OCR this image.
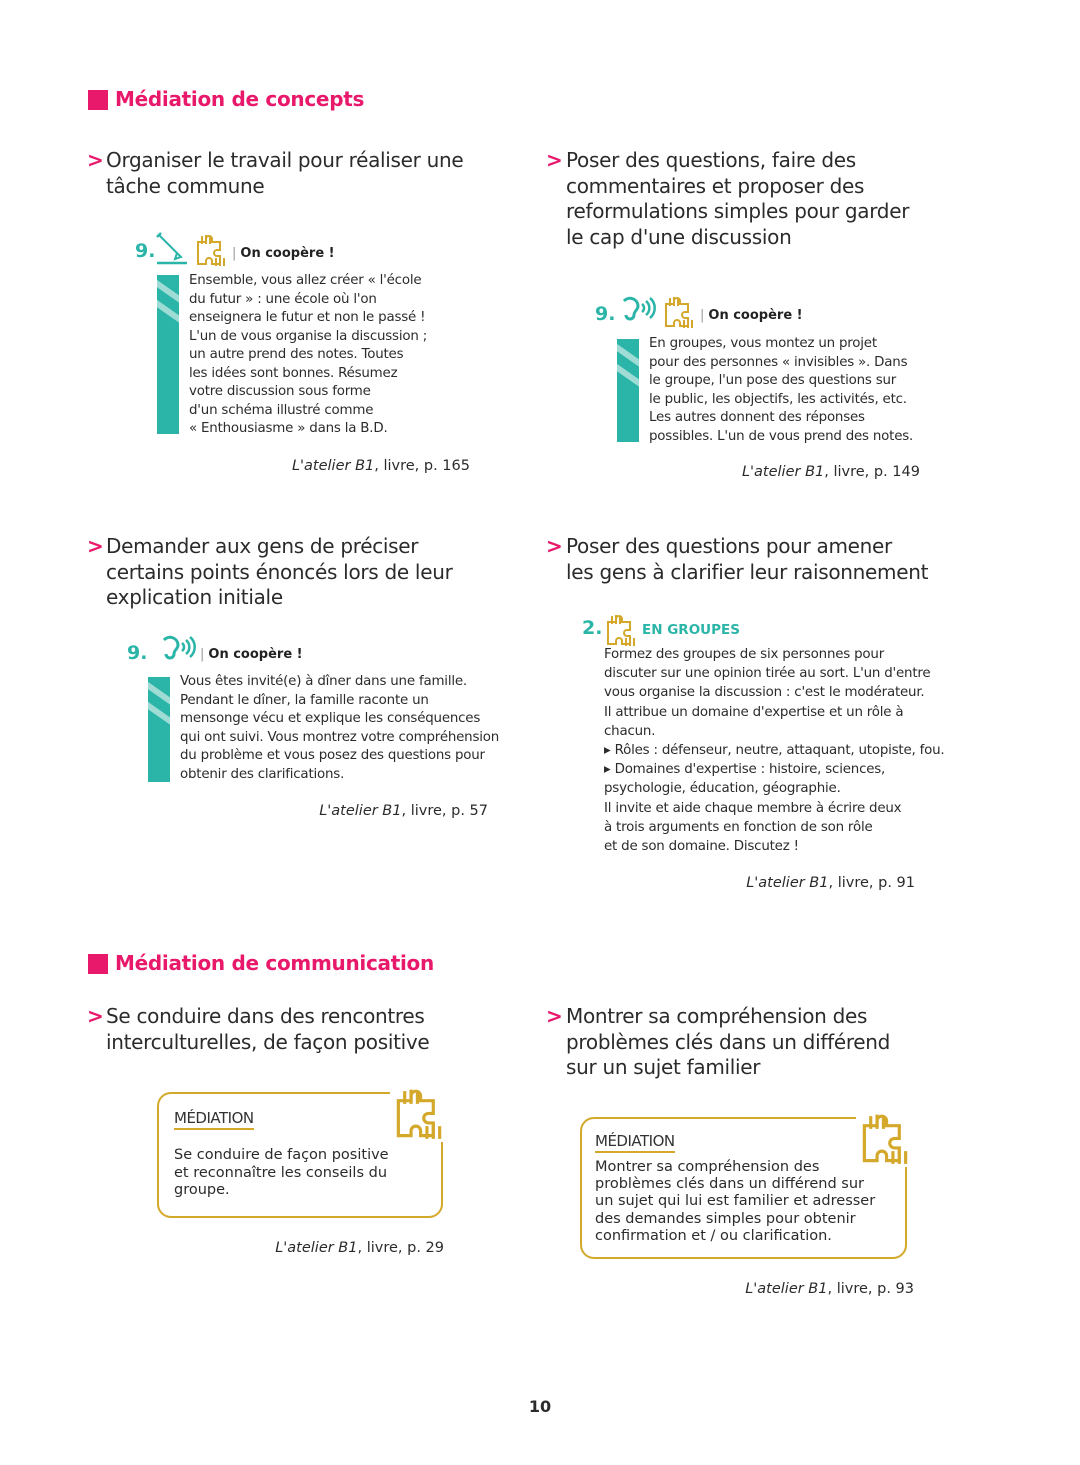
Médiation de concepts
> Organiser le travail pour réaliser une
tâche commune
9.	| On coopère !
Ensemble, vous allez créer « l'école
du futur » : une école où l'on
enseignera le futur et non le passé !
L'un de vous organise la discussion ;
un autre prend des notes. Toutes
les idées sont bonnes. Résumez
votre discussion sous forme
d'un schéma illustré comme
« Enthousiasme » dans la B.D.
L'atelier B1, livre, p. 165
> Poser des questions, faire des
commentaires et proposer des
reformulations simples pour garder
le cap d'une discussion
9.	| On coopère !
En groupes, vous montez un projet
pour des personnes « invisibles ». Dans
le groupe, l'un pose des questions sur
le public, les objectifs, les activités, etc.
Les autres donnent des réponses
possibles. L'un de vous prend des notes.
L'atelier B1, livre, p. 149
> Demander aux gens de préciser
certains points énoncés lors de leur
explication initiale
9.	| On coopère !
Vous êtes invité(e) à dîner dans une famille.
Pendant le dîner, la famille raconte un
mensonge vécu et explique les conséquences
qui ont suivi. Vous montrez votre compréhension
du problème et vous posez des questions pour
obtenir des clarifications.
L'atelier B1, livre, p. 57
> Poser des questions pour amener
les gens à clarifier leur raisonnement
2.	EN GROUPES
Formez des groupes de six personnes pour
discuter sur une opinion tirée au sort. L'un d'entre
vous organise la discussion : c'est le modérateur.
Il attribue un domaine d'expertise et un rôle à
chacun.
▸ Rôles : défenseur, neutre, attaquant, utopiste, fou.
▸ Domaines d'expertise : histoire, sciences,
psychologie, éducation, géographie.
Il invite et aide chaque membre à écrire deux
à trois arguments en fonction de son rôle
et de son domaine. Discutez !
L'atelier B1, livre, p. 91
Médiation de communication
> Se conduire dans des rencontres
interculturelles, de façon positive
MÉDIATION
Se conduire de façon positive
et reconnaître les conseils du
groupe.
L'atelier B1, livre, p. 29
> Montrer sa compréhension des
problèmes clés dans un différend
sur un sujet familier
MÉDIATION
Montrer sa compréhension des
problèmes clés dans un différend sur
un sujet qui lui est familier et adresser
des demandes simples pour obtenir
confirmation et / ou clarification.
L'atelier B1, livre, p. 93
10
